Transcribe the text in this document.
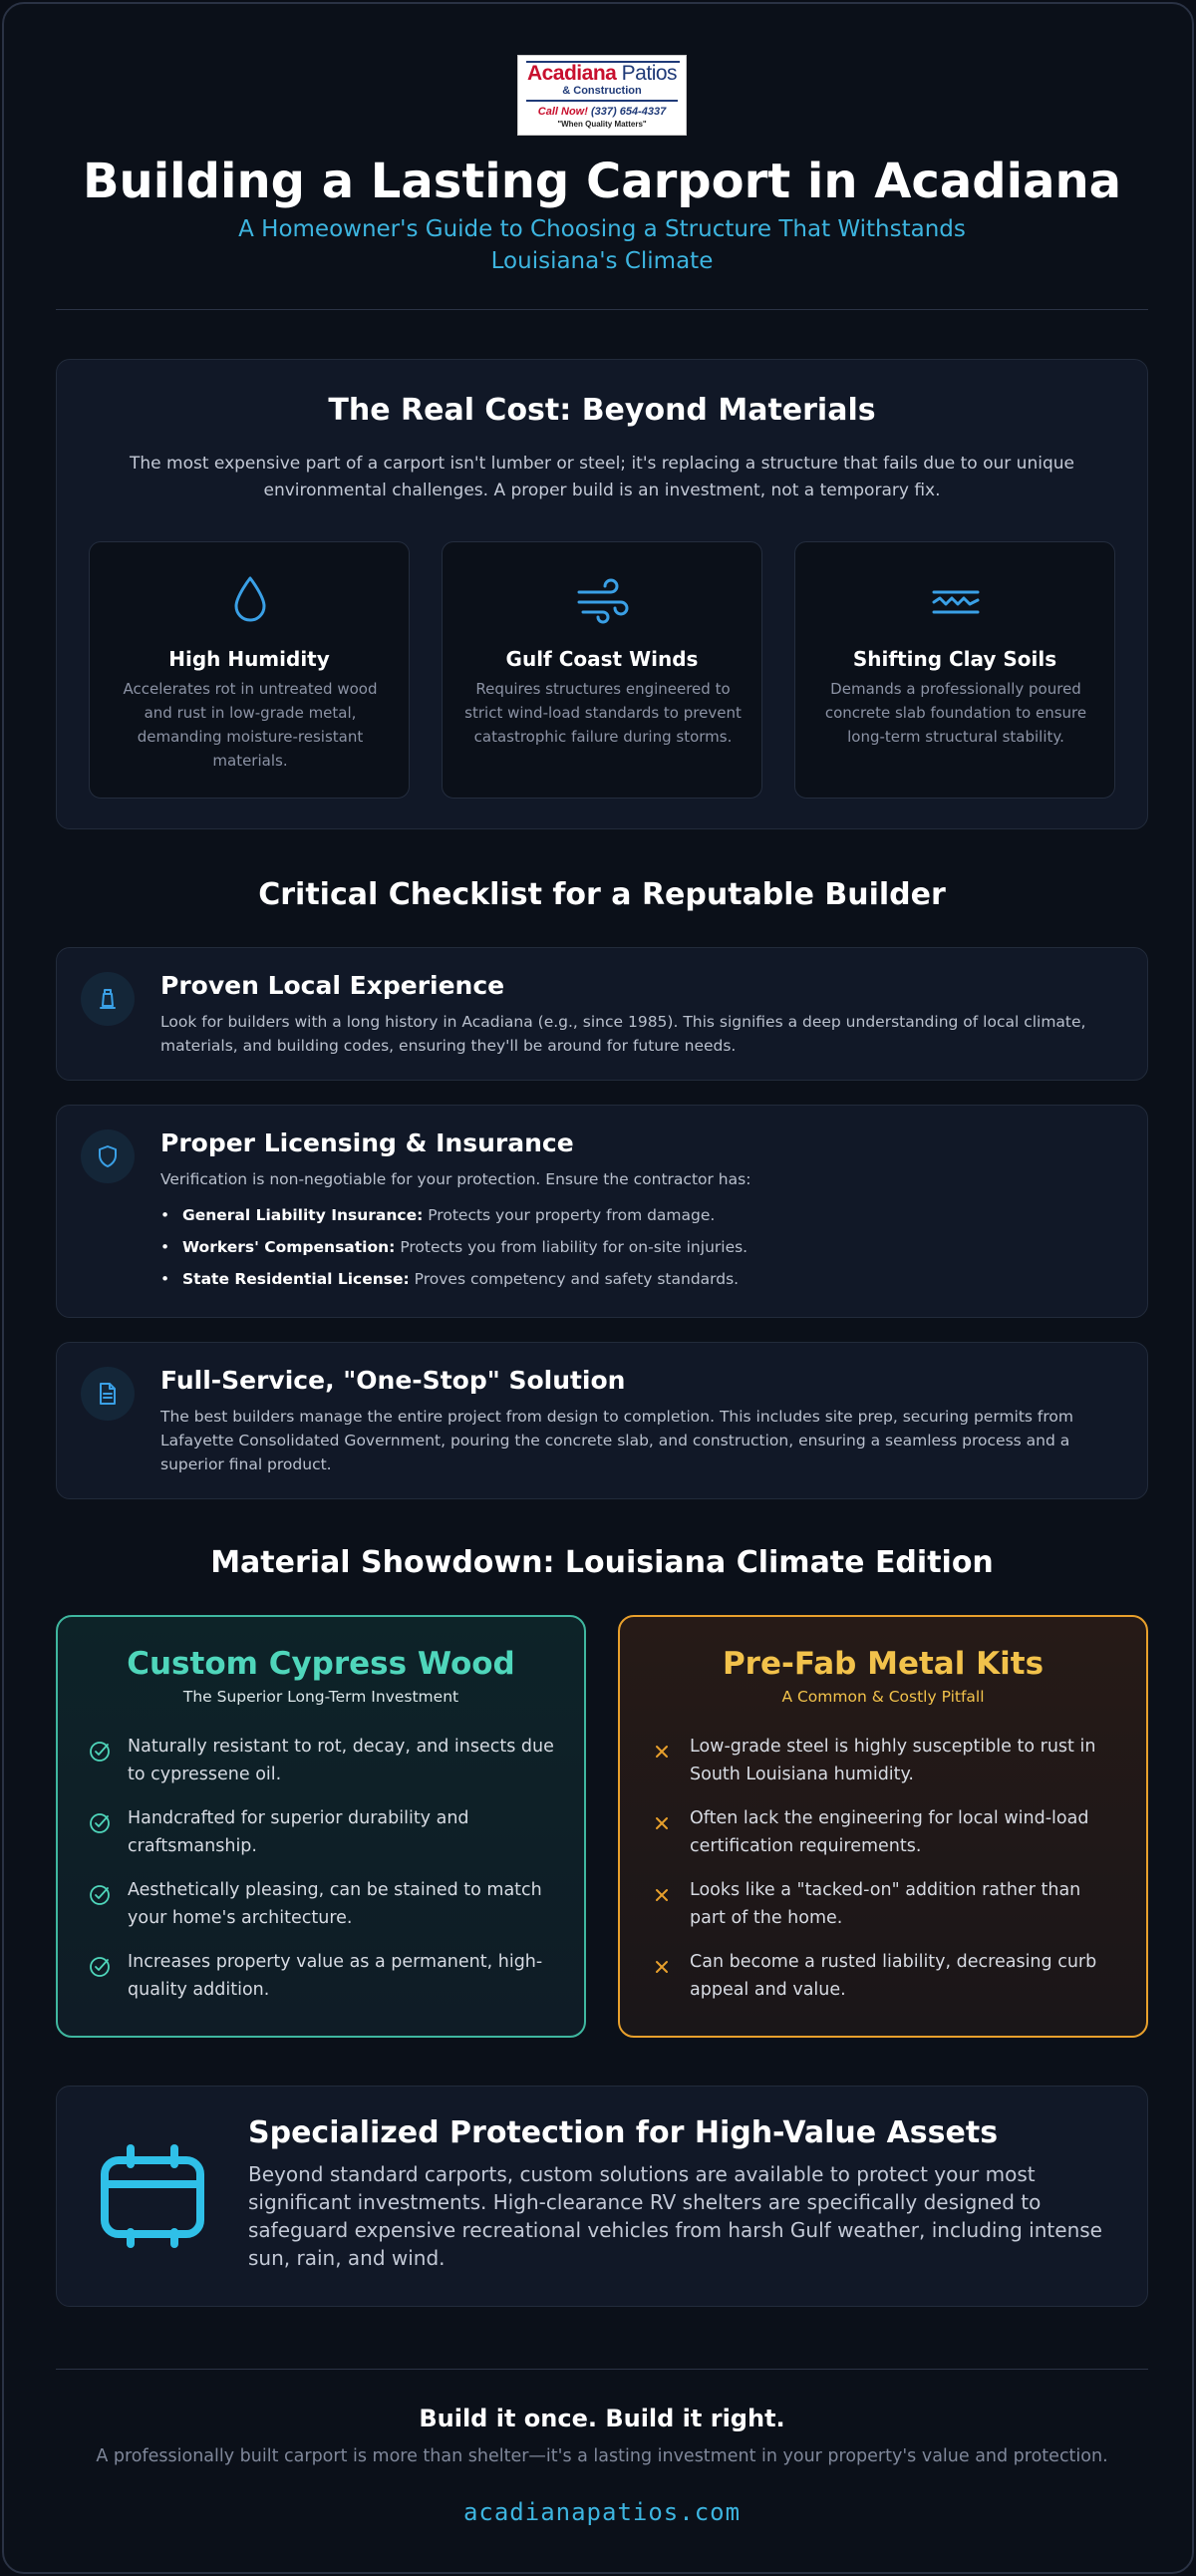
Acadiana Patios
& Construction
Call Now! (337) 654-4337
"When Quality Matters"
Building a Lasting Carport in Acadiana
A Homeowner's Guide to Choosing a Structure That Withstands Louisiana's Climate
The Real Cost: Beyond Materials
The most expensive part of a carport isn't lumber or steel; it's replacing a structure that fails due to our unique environmental challenges. A proper build is an investment, not a temporary fix.
High Humidity
Accelerates rot in untreated wood and rust in low-grade metal, demanding moisture-resistant materials.
Gulf Coast Winds
Requires structures engineered to strict wind-load standards to prevent catastrophic failure during storms.
Shifting Clay Soils
Demands a professionally poured concrete slab foundation to ensure long-term structural stability.
Critical Checklist for a Reputable Builder
Proven Local Experience
Look for builders with a long history in Acadiana (e.g., since 1985). This signifies a deep understanding of local climate, materials, and building codes, ensuring they'll be around for future needs.
Proper Licensing & Insurance
Verification is non-negotiable for your protection. Ensure the contractor has:
• General Liability Insurance: Protects your property from damage.
• Workers' Compensation: Protects you from liability for on-site injuries.
• State Residential License: Proves competency and safety standards.
Full-Service, "One-Stop" Solution
The best builders manage the entire project from design to completion. This includes site prep, securing permits from Lafayette Consolidated Government, pouring the concrete slab, and construction, ensuring a seamless process and a superior final product.
Material Showdown: Louisiana Climate Edition
Custom Cypress Wood
The Superior Long-Term Investment
Naturally resistant to rot, decay, and insects due to cypressene oil.
Handcrafted for superior durability and craftsmanship.
Aesthetically pleasing, can be stained to match your home's architecture.
Increases property value as a permanent, high-quality addition.
Pre-Fab Metal Kits
A Common & Costly Pitfall
Low-grade steel is highly susceptible to rust in South Louisiana humidity.
Often lack the engineering for local wind-load certification requirements.
Looks like a "tacked-on" addition rather than part of the home.
Can become a rusted liability, decreasing curb appeal and value.
Specialized Protection for High-Value Assets
Beyond standard carports, custom solutions are available to protect your most significant investments. High-clearance RV shelters are specifically designed to safeguard expensive recreational vehicles from harsh Gulf weather, including intense sun, rain, and wind.
Build it once. Build it right.
A professionally built carport is more than shelter—it's a lasting investment in your property's value and protection.
acadianapatios.com
